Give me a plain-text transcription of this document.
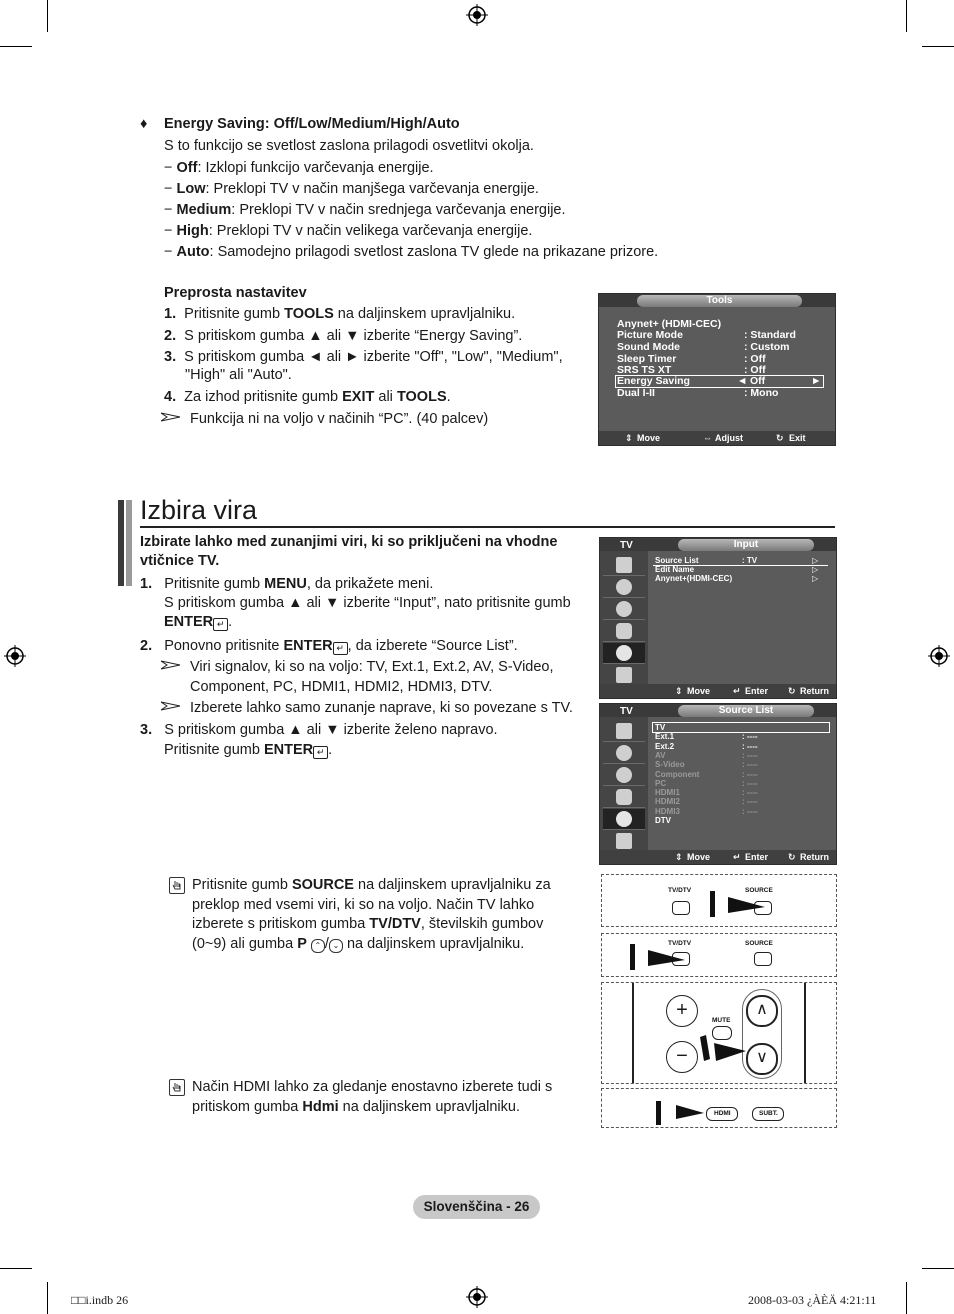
♦ Energy Saving: Off/Low/Medium/High/Auto
S to funkcijo se svetlost zaslona prilagodi osvetlitvi okolja.
− Off: Izklopi funkcijo varčevanja energije.
− Low: Preklopi TV v način manjšega varčevanja energije.
− Medium: Preklopi TV v način srednjega varčevanja energije.
− High: Preklopi TV v način velikega varčevanja energije.
− Auto: Samodejno prilagodi svetlost zaslona TV glede na prikazane prizore.
Preprosta nastavitev
1. Pritisnite gumb TOOLS na daljinskem upravljalniku.
2. S pritiskom gumba ▲ ali ▼ izberite “Energy Saving”.
3. S pritiskom gumba ◄ ali ► izberite "Off", "Low", "Medium",
"High" ali "Auto".
4. Za izhod pritisnite gumb EXIT ali TOOLS.
Funkcija ni na voljo v načinih “PC”. (40 palcev)
Tools
Anynet+ (HDMI-CEC)
Picture Mode	: Standard
Sound Mode	: Custom
Sleep Timer	: Off
SRS TS XT	: Off
Energy Saving	◄ Off	►
Dual I-II	: Mono
⇕ Move	⇔ Adjust	↻ Exit
Izbira vira
Izbirate lahko med zunanjimi viri, ki so priključeni na vhodne
vtičnice TV.
1. Pritisnite gumb MENU, da prikažete meni.
S pritiskom gumba ▲ ali ▼ izberite “Input”, nato pritisnite gumb
ENTER ↵ .
2. Ponovno pritisnite ENTER ↵ , da izberete “Source List”.
Viri signalov, ki so na voljo: TV, Ext.1, Ext.2, AV, S-Video,
Component, PC, HDMI1, HDMI2, HDMI3, DTV.
Izberete lahko samo zunanje naprave, ki so povezane s TV.
3. S pritiskom gumba ▲ ali ▼ izberite želeno napravo.
Pritisnite gumb ENTER ↵ .
Pritisnite gumb SOURCE na daljinskem upravljalniku za
preklop med vsemi viri, ki so na voljo. Način TV lahko
izberete s pritiskom gumba TV/DTV, številskih gumbov
(0~9) ali gumba P ⌃ / ⌄ na daljinskem upravljalniku.
Način HDMI lahko za gledanje enostavno izberete tudi s
pritiskom gumba Hdmi na daljinskem upravljalniku.
TV	Input
Source List	: TV	▷
Edit Name	▷
Anynet+(HDMI-CEC)	▷
⇕ Move	↵ Enter ↻ Return
TV	Source List
TV
Ext.1	: ----
Ext.2	: ----
AV	: ----
S-Video	: ----
Component	: ----
PC	: ----
HDMI1	: ----
HDMI2	: ----
HDMI3	: ----
DTV
⇕ Move	↵ Enter ↻ Return
TV/DTV	SOURCE
TV/DTV	SOURCE
+
−
MUTE
∧
∨
HDMI	SUBT.
Slovenščina - 26
□□i.indb 26	2008-03-03 ¿ÀÈÄ 4:21:11
